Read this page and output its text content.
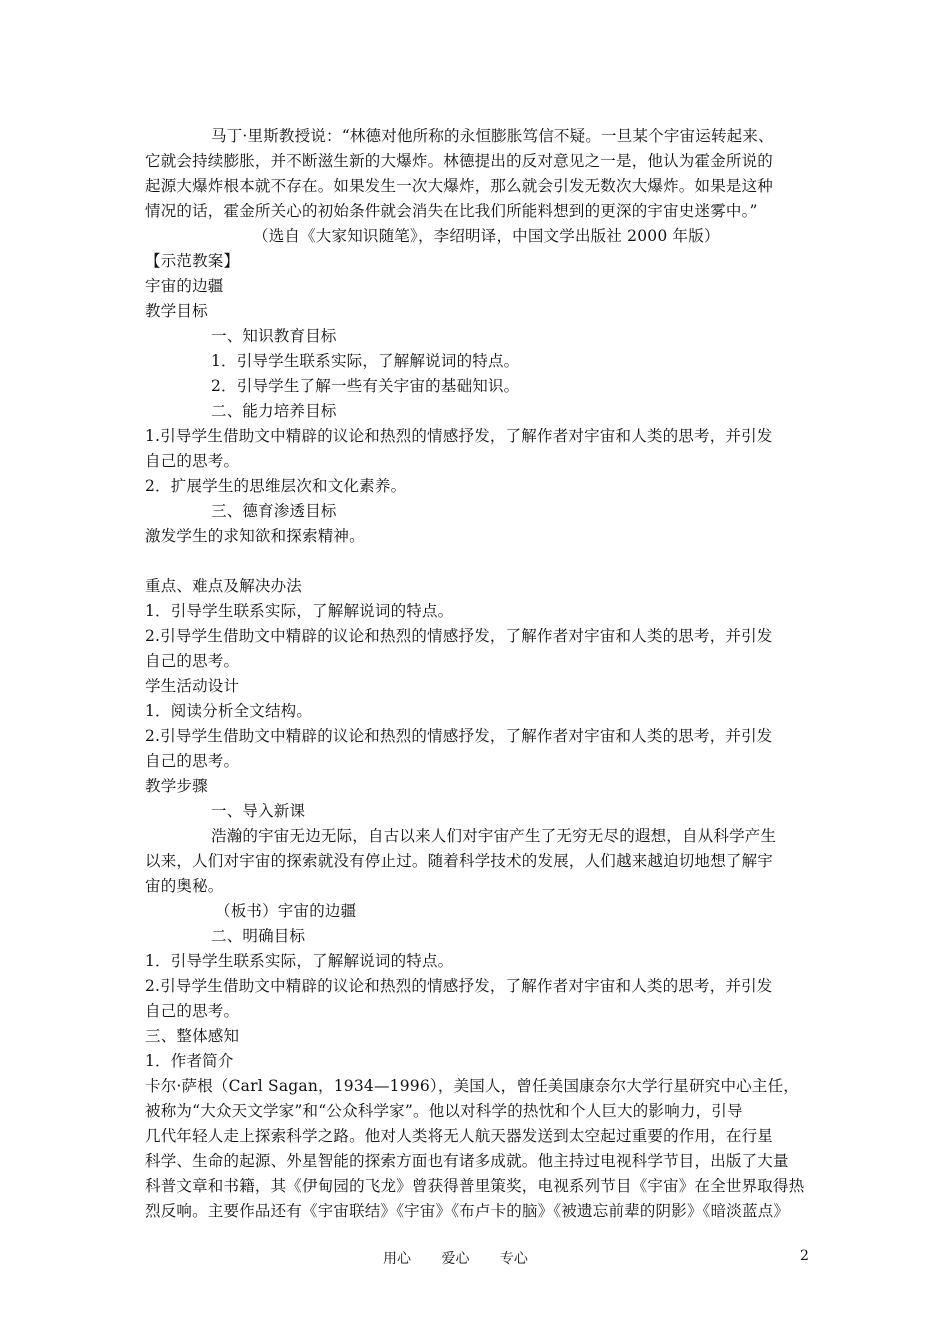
马丁·里斯教授说：“林德对他所称的永恒膨胀笃信不疑。一旦某个宇宙运转起来、
它就会持续膨胀，并不断滋生新的大爆炸。林德提出的反对意见之一是，他认为霍金所说的
起源大爆炸根本就不存在。如果发生一次大爆炸，那么就会引发无数次大爆炸。如果是这种
情况的话，霍金所关心的初始条件就会消失在比我们所能料想到的更深的宇宙史迷雾中。”
（选自《大家知识随笔》，李绍明译，中国文学出版社 2000 年版）
【示范教案】
宇宙的边疆
教学目标
一、知识教育目标
1．引导学生联系实际，了解解说词的特点。
2．引导学生了解一些有关宇宙的基础知识。
二、能力培养目标
1.引导学生借助文中精辟的议论和热烈的情感抒发，了解作者对宇宙和人类的思考，并引发
自己的思考。
2．扩展学生的思维层次和文化素养。
三、德育渗透目标
激发学生的求知欲和探索精神。
重点、难点及解决办法
1．引导学生联系实际，了解解说词的特点。
2.引导学生借助文中精辟的议论和热烈的情感抒发，了解作者对宇宙和人类的思考，并引发
自己的思考。
学生活动设计
1．阅读分析全文结构。
2.引导学生借助文中精辟的议论和热烈的情感抒发，了解作者对宇宙和人类的思考，并引发
自己的思考。
教学步骤
一、导入新课
浩瀚的宇宙无边无际，自古以来人们对宇宙产生了无穷无尽的遐想，自从科学产生
以来，人们对宇宙的探索就没有停止过。随着科学技术的发展，人们越来越迫切地想了解宇
宙的奥秘。
（板书）宇宙的边疆
二、明确目标
1．引导学生联系实际，了解解说词的特点。
2.引导学生借助文中精辟的议论和热烈的情感抒发，了解作者对宇宙和人类的思考，并引发
自己的思考。
三、整体感知
1．作者简介
卡尔·萨根（Carl Sagan，1934—1996），美国人，曾任美国康奈尔大学行星研究中心主任，
被称为“大众天文学家”和“公众科学家”。他以对科学的热忱和个人巨大的影响力，引导
几代年轻人走上探索科学之路。他对人类将无人航天器发送到太空起过重要的作用，在行星
科学、生命的起源、外星智能的探索方面也有诸多成就。他主持过电视科学节目，出版了大量
科普文章和书籍，其《伊甸园的飞龙》曾获得普里策奖，电视系列节目《宇宙》在全世界取得热
烈反响。主要作品还有《宇宙联结》《宇宙》《布卢卡的脑》《被遗忘前辈的阴影》《暗淡蓝点》
用心 爱心 专心	2
